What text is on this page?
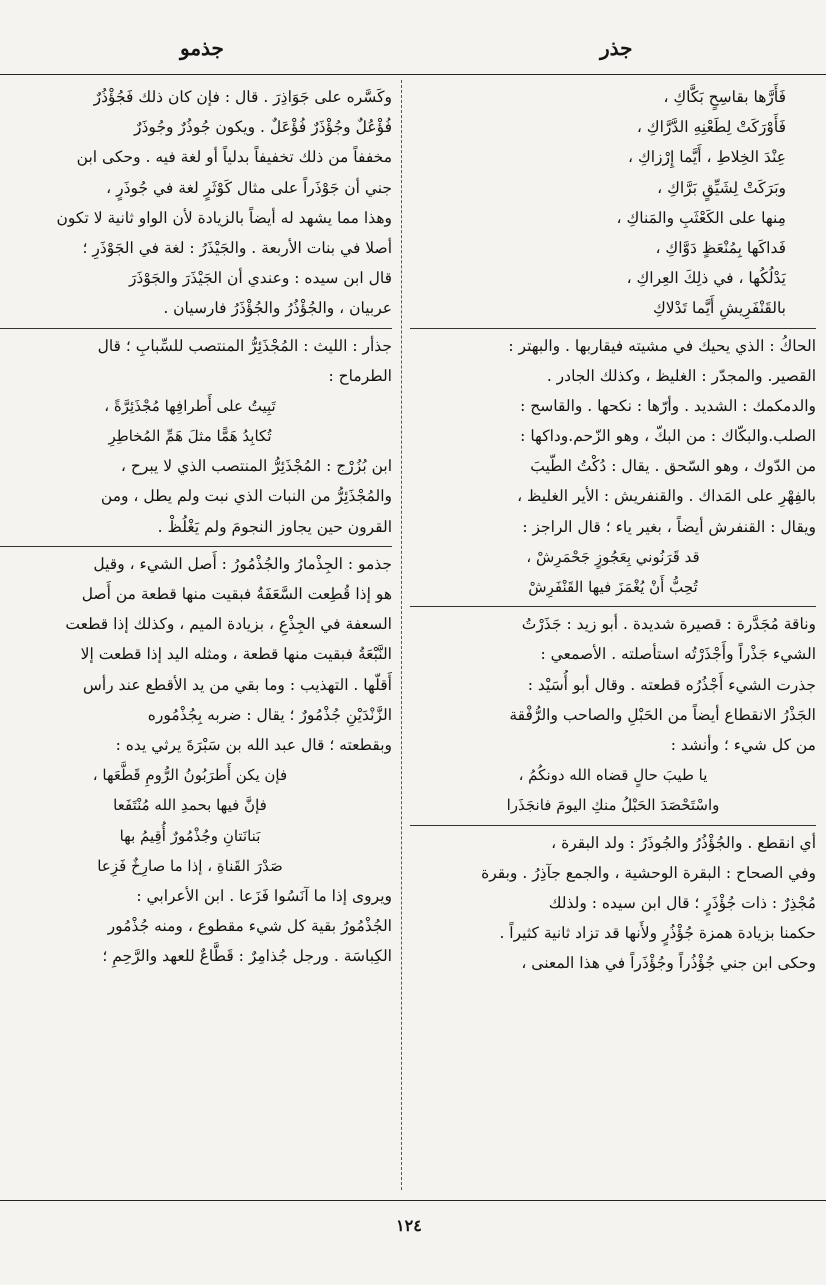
جذر
جذمو
فَأَرَّها بقاسِحٍ بَكَّاكِ ،
فَأَوْرَكَتْ لِطَعْنِهِ الدَّرَّاكِ ،
عِنْدَ الخِلاطِ ، أَيَّما إِرْزاكِ ،
وبَرَكَتْ لِشَيِّقٍ بَرَّاكِ ،
مِنها على الكَعْثَبِ والمَناكِ ،
فَداكَها بِمُنْعَظٍ دَوَّاكِ ،
يَدْلُكُها ، في ذلِكَ العِراكِ ،
بالقَنْفَرِيشِ أَيَّما تَدْلاكِ
الحاكُ : الذي يحيك في مشيته فيقاربها . والبهتر :
القصير. والمجدّر : الغليظ ، وكذلك الجادر .
والدمكمك : الشديد . وأرّها : نكحها . والقاسح :
الصلب.والبكّاك : من البكّ ، وهو الزّحم.وداكها :
من الدّوك ، وهو السّحق . يقال : دُكْتُ الطّيبَ
بالفِهْرِ على المَداك . والقنفريش : الأير الغليظ ،
ويقال : القنفرش أيضاً ، بغير ياء ؛ قال الراجز :
قد قَرَنُوني بِعَجُوزٍ جَحْمَرِشْ ،
تُحِبُّ أَنْ يُغْمَزَ فيها القَنْفَرِشْ
وناقة مُجَدَّرة : قصيرة شديدة . أبو زيد : جَذَرْتُ
الشيء جَذْراً وأَجْذَرْتُه استأصلته . الأصمعي :
جذرت الشيء أَجْذُرُه قطعته . وقال أبو أُسَيْد :
الجَذْرُ الانقطاع أيضاً من الحَبْلِ والصاحب والرُّفْقة
من كل شيء ؛ وأنشد :
يا طيبَ حالٍ قضاه الله دونكُمُ ،
واسْتَحْصَدَ الحَبْلُ منكِ اليومَ فانجَذَرا
أي انقطع . والجُؤْذُرُ والجُوذَرُ : ولد البقرة ،
وفي الصحاح : البقرة الوحشية ، والجمع جآذِرُ . وبقرة
مُجْذِرٌ : ذات جُؤْذَرٍ ؛ قال ابن سيده : ولذلك
حكمنا بزيادة همزة جُؤْذُرٍ ولأَنها قد تزاد ثانية كثيراً .
وحكى ابن جني جُؤْذُراً وجُؤْذَراً في هذا المعنى ،
وكَسَّره على جَوَاذِرَ . قال : فإن كان ذلك فَجُؤْذُرٌ
فُؤْعُلٌ وجُؤْذَرٌ فُؤْعَلٌ . ويكون جُوذُرٌ وجُوذَرٌ
مخففاً من ذلك تخفيفاً بدلياً أو لغة فيه . وحكى ابن
جني أن جَوْذَراً على مثال كَوْثَرٍ لغة في جُوذَرٍ ،
وهذا مما يشهد له أيضاً بالزيادة لأن الواو ثانية لا تكون
أصلا في بنات الأربعة . والجَيْذَرُ : لغة في الجَوْذَرِ ؛
قال ابن سيده : وعندي أن الجَيْذَرَ والجَوْذَرَ
عربيان ، والجُؤْذُرُ والجُؤْذَرُ فارسيان .
جذأر : الليث : المُجْذَئِرُّ المنتصب للسِّبابِ ؛ قال
الطرماح :
تَبِيتُ على أَطرافِها مُجْذَئِرَّةً ،
تُكابِدُ هَمًّا مثلَ هَمِّ المُخاطِرِ
ابن بُزُرْج : المُجْذَئِرُّ المنتصب الذي لا يبرح ،
والمُجْذَئِرُّ من النبات الذي نبت ولم يطل ، ومن
القرون حين يجاوز النجومَ ولم يَغْلُظْ .
جذمو : الجِذْمارُ والجُذْمُورُ : أَصل الشيء ، وقيل
هو إذا قُطِعت السَّعَفَةُ فبقيت منها قطعة من أَصل
السعفة في الجِذْعِ ، بزيادة الميم ، وكذلك إذا قطعت
النَّبْعَةُ فبقيت منها قطعة ، ومثله اليد إذا قطعت إلا
أَقلّها . التهذيب : وما بقي من يد الأقطع عند رأس
الزَّنْدَيْنِ جُذْمُورٌ ؛ يقال : ضربه بِجُذْمُوره
وبقطعته ؛ قال عبد الله بن سَبْرَةَ يرثي يده :
فإن يكن أَطرَبُونُ الرُّومِ قَطَّعَها ،
فإنَّ فيها بحمدِ الله مُنْتَفَعا
بَنانَتانِ وجُذْمُورٌ أُقِيمُ بها
صَدْرَ القَناةِ ، إذا ما صارِخٌ فَزِعا
ويروى إذا ما آنَسُوا فَزَعا . ابن الأعرابي :
الجُذْمُورُ بقية كل شيء مقطوع ، ومنه جُذْمُور
الكِباسَة . ورجل جُذامِرٌ : قَطَّاعٌ للعهد والرَّحِمِ ؛
١٢٤
